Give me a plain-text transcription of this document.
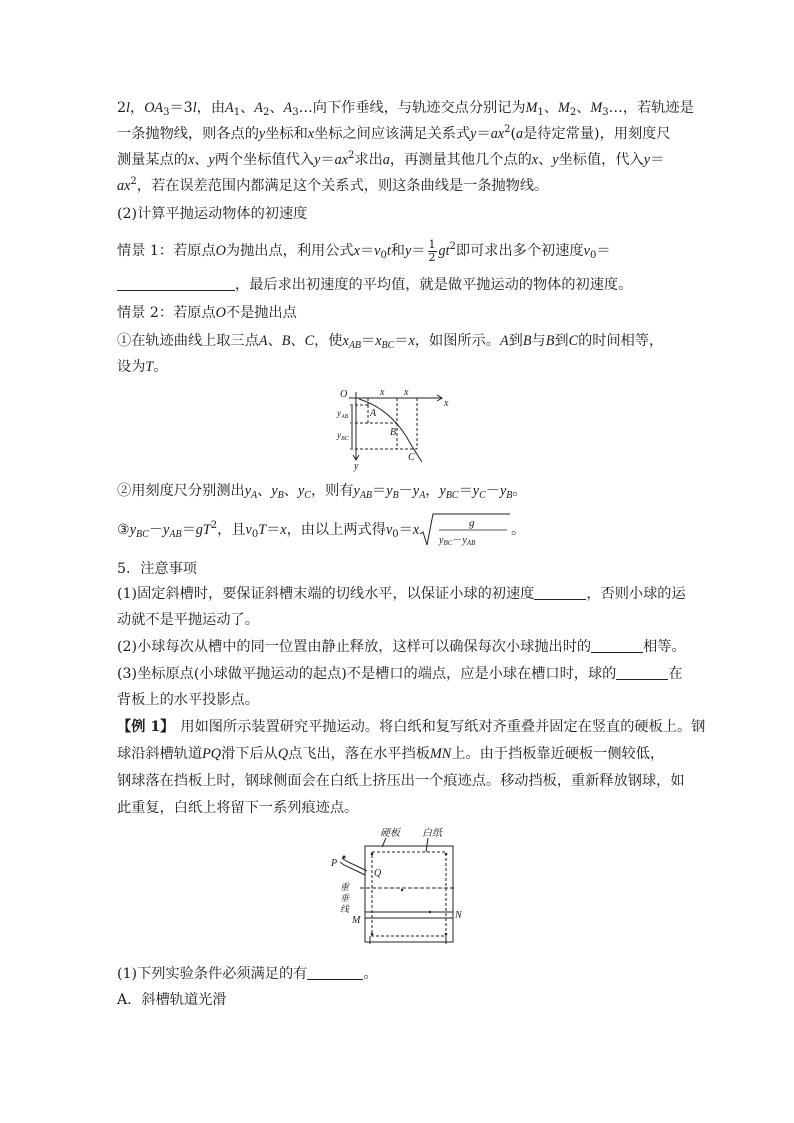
2l，$OA_3=3l$，由$A_1$、$A_2$、$A_3\dots$向下作垂线，与轨迹交点分别记为$M_1$、$M_2$、$M_3\dots$，若轨迹是
一条抛物线，则各点的y坐标和x坐标之间应该满足关系式$y=ax^2(a$是待定常量)，用刻度尺
测量某点的x、y两个坐标值代入$y=ax^2$求出a，再测量其他几个点的x、y坐标值，代入y＝
$ax^2$，若在误差范围内都满足这个关系式，则这条曲线是一条抛物线。
(2)计算平抛运动物体的初速度
情景 1：若原点O为抛出点，利用公式$x=v_0t$和$y= \frac{1}{2} gt^2$即可求出多个初速度$v_0=$
，最后求出初速度的平均值，就是做平抛运动的物体的初速度。
情景 2：若原点O不是抛出点
①在轨迹曲线上取三点A、B、C，使$x_{AB}=x_{BC}=x$，如图所示。A到B与B到C的时间相等，
设为T。
O	x x
x
y
A
B
C
$y_{AB}$
$y_{BC}$
②用刻度尺分别测出$y_A$、$y_B$、$y_C$，则有$y_{AB}=y_B-y_A$，$y_{BC}=y_C-y_B$。
$③y_{BC}-y_{AB}=gT^2$，且$v_0T=x$，由以上两式得$v_0=x$	g
$y_{BC}-y_{AB}$
。
5．注意事项
(1)固定斜槽时，要保证斜槽末端的切线水平，以保证小球的初速度	，否则小球的运
动就不是平抛运动了。
(2)小球每次从槽中的同一位置由静止释放，这样可以确保每次小球抛出时的	相等。
(3)坐标原点(小球做平抛运动的起点)不是槽口的端点，应是小球在槽口时，球的	在
背板上的水平投影点。
【例 1】 用如图所示装置研究平抛运动。将白纸和复写纸对齐重叠并固定在竖直的硬板上。钢
球沿斜槽轨道PQ滑下后从Q点飞出，落在水平挡板MN上。由于挡板靠近硬板一侧较低，
钢球落在挡板上时，钢球侧面会在白纸上挤压出一个痕迹点。移动挡板，重新释放钢球，如
此重复，白纸上将留下一系列痕迹点。
硬板 白纸
P
Q
重
垂
线
M	N
(1)下列实验条件必须满足的有	。
A．斜槽轨道光滑
